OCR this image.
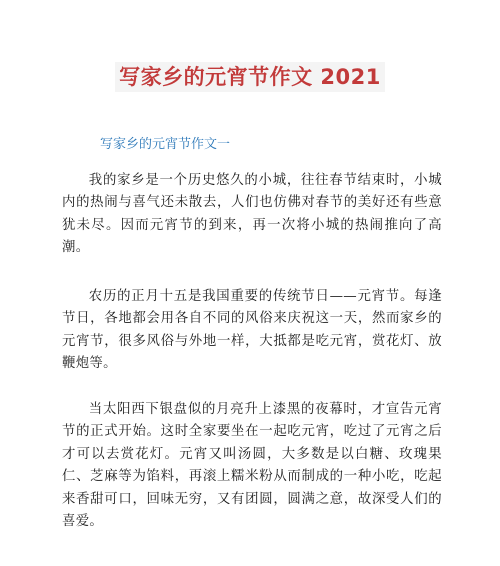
写家乡的元宵节作文 2021
写家乡的元宵节作文一

我的家乡是一个历史悠久的小城，往往春节结束时，小城内的热闹与喜气还未散去，人们也仿佛对春节的美好还有些意犹未尽。因而元宵节的到来，再一次将小城的热闹推向了高潮。

农历的正月十五是我国重要的传统节日——元宵节。每逢节日，各地都会用各自不同的风俗来庆祝这一天，然而家乡的元宵节，很多风俗与外地一样，大抵都是吃元宵，赏花灯、放鞭炮等。

当太阳西下银盘似的月亮升上漆黑的夜幕时，才宣告元宵节的正式开始。这时全家要坐在一起吃元宵，吃过了元宵之后才可以去赏花灯。元宵又叫汤圆，大多数是以白糖、玫瑰果仁、芝麻等为馅料，再滚上糯米粉从而制成的一种小吃，吃起来香甜可口，回味无穷，又有团圆，圆满之意，故深受人们的喜爱。
